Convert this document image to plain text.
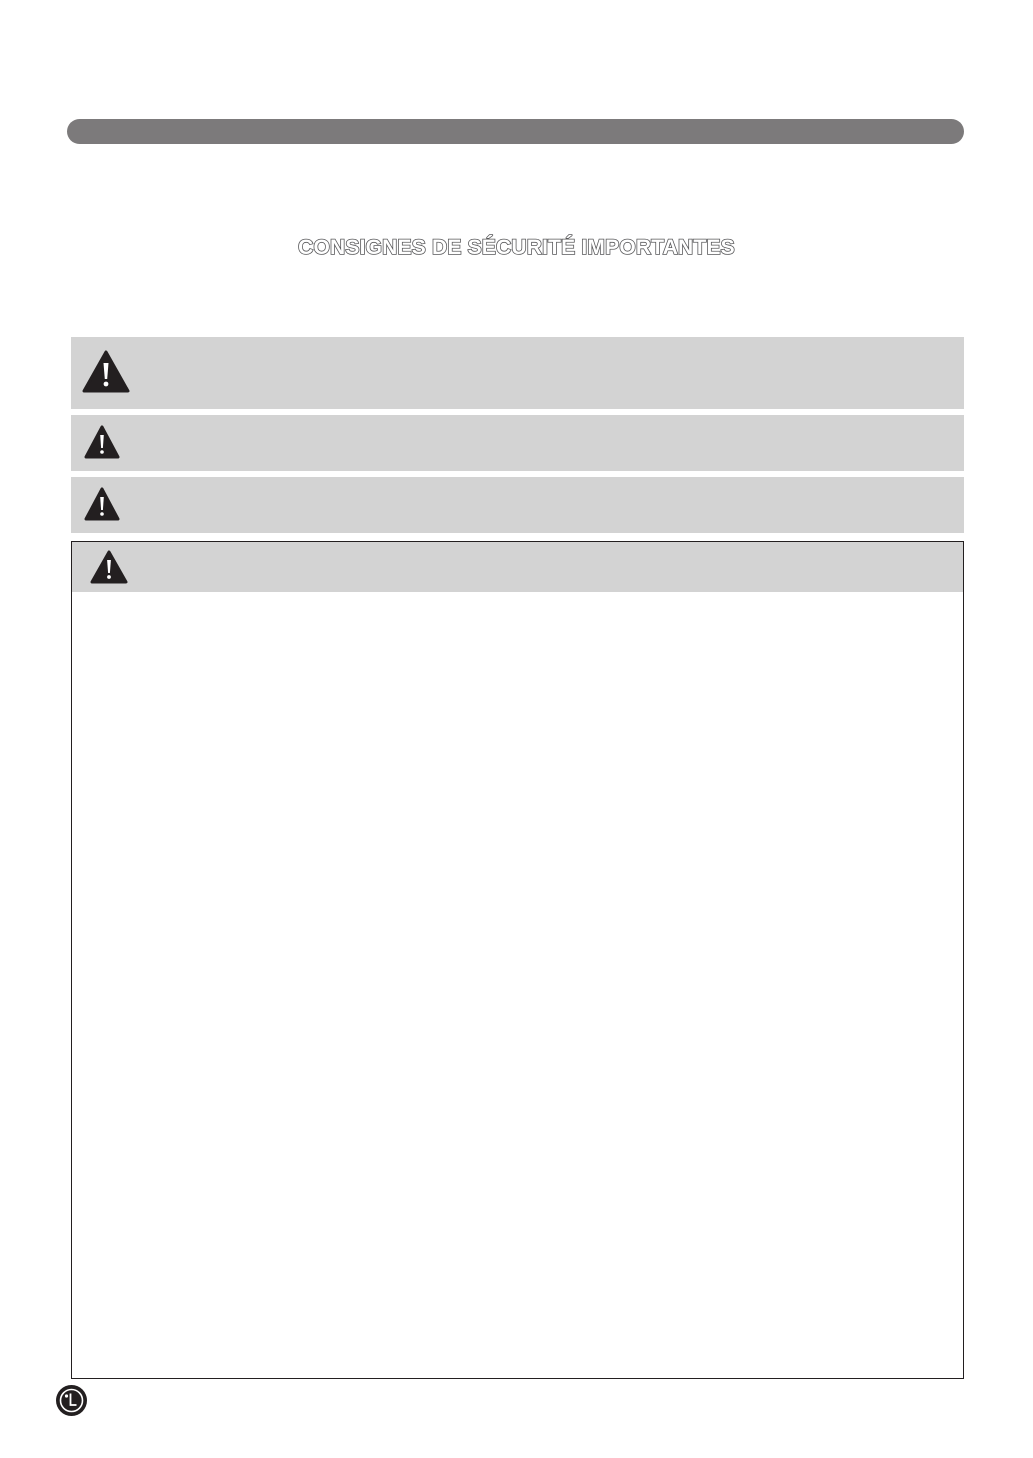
CONSIGNES DE SÉCURITÉ IMPORTANTES
